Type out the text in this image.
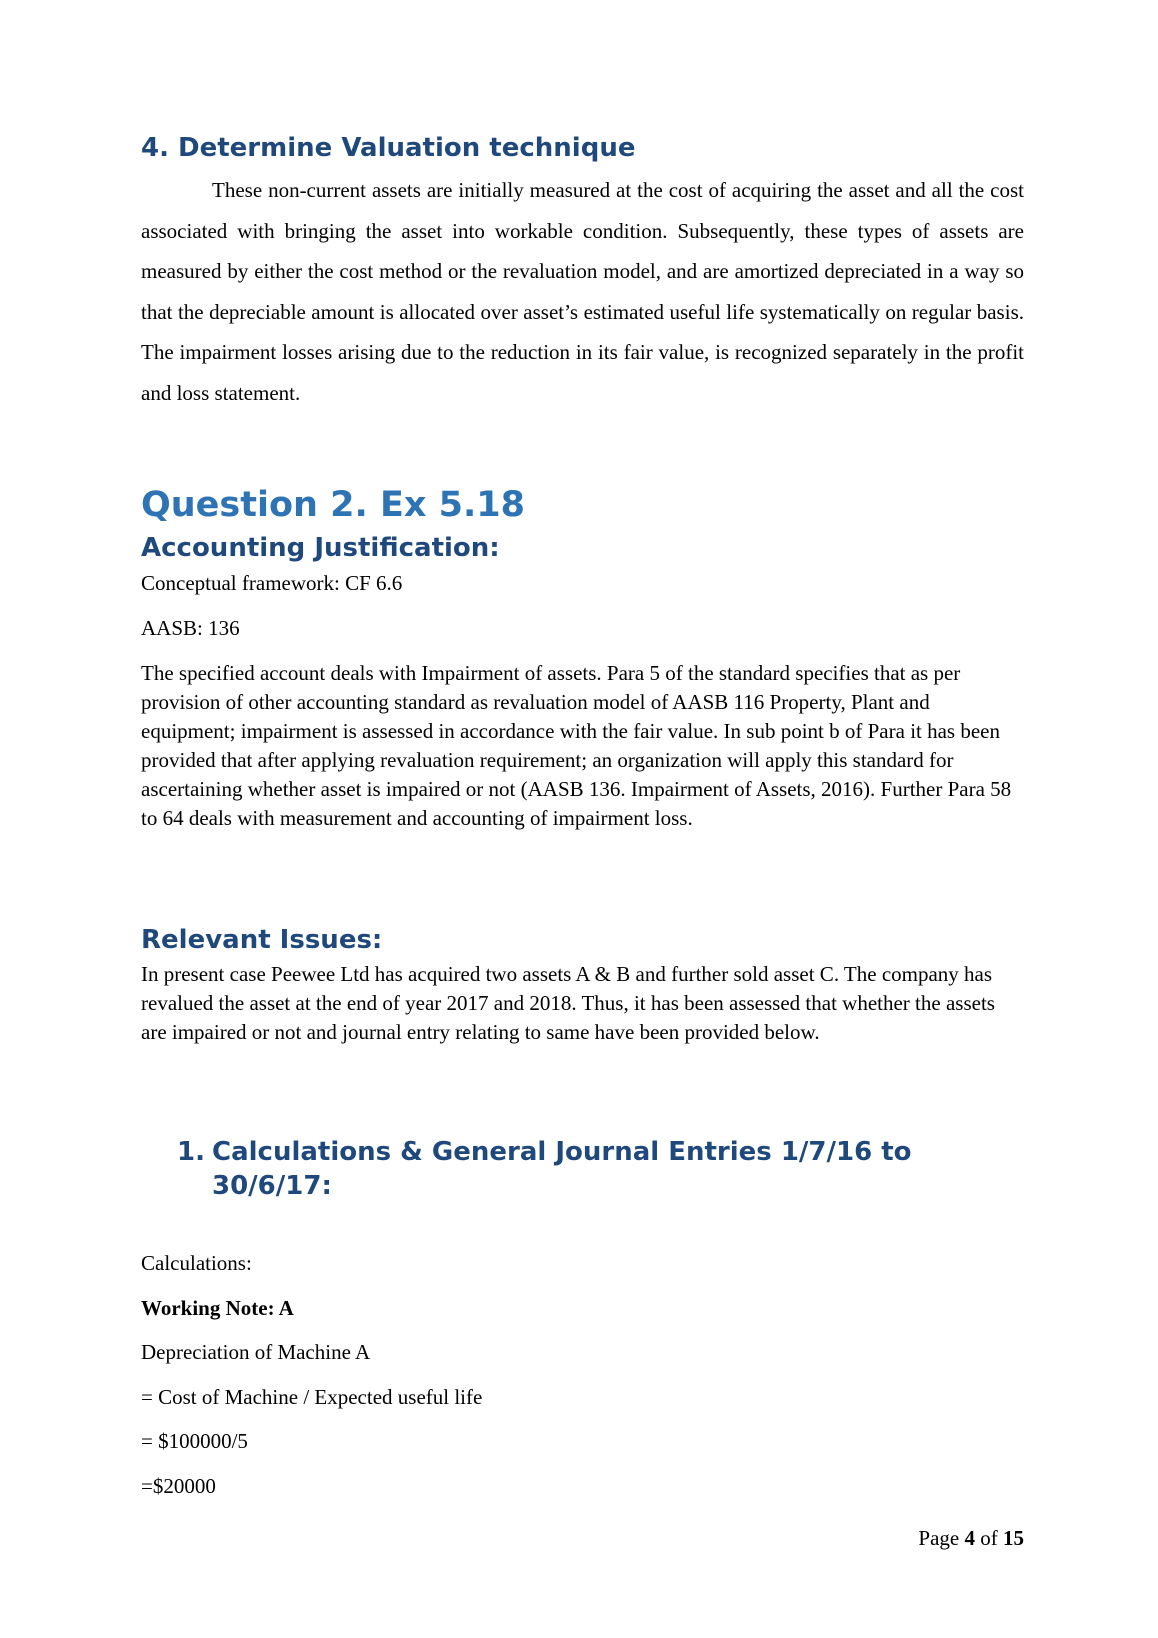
4. Determine Valuation technique

These non-current assets are initially measured at the cost of acquiring the asset and all the cost associated with bringing the asset into workable condition. Subsequently, these types of assets are measured by either the cost method or the revaluation model, and are amortized depreciated in a way so that the depreciable amount is allocated over asset’s estimated useful life systematically on regular basis. The impairment losses arising due to the reduction in its fair value, is recognized separately in the profit and loss statement.

Question 2. Ex 5.18
Accounting Justification:

Conceptual framework: CF 6.6

AASB: 136

The specified account deals with Impairment of assets. Para 5 of the standard specifies that as per provision of other accounting standard as revaluation model of AASB 116 Property, Plant and equipment; impairment is assessed in accordance with the fair value. In sub point b of Para it has been provided that after applying revaluation requirement; an organization will apply this standard for ascertaining whether asset is impaired or not (AASB 136. Impairment of Assets, 2016). Further Para 58 to 64 deals with measurement and accounting of impairment loss.

Relevant Issues:

In present case Peewee Ltd has acquired two assets A & B and further sold asset C. The company has revalued the asset at the end of year 2017 and 2018. Thus, it has been assessed that whether the assets are impaired or not and journal entry relating to same have been provided below.

1. Calculations & General Journal Entries 1/7/16 to 30/6/17:

Calculations:

Working Note: A

Depreciation of Machine A

= Cost of Machine / Expected useful life

= $100000/5

=$20000

Page 4 of 15
